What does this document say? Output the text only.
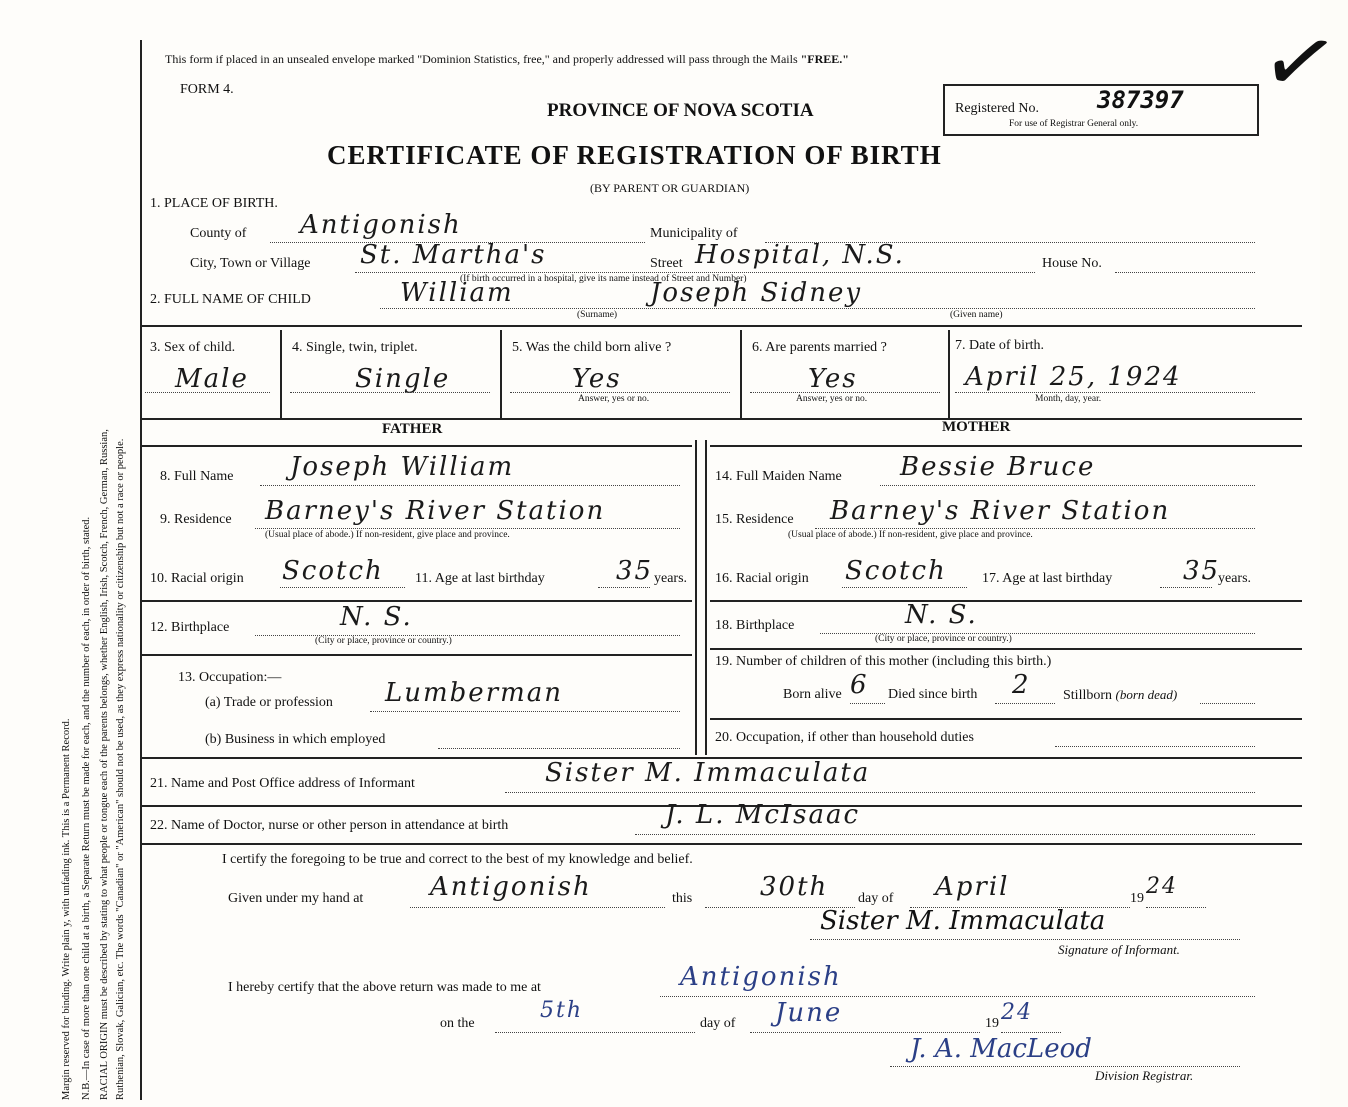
Margin reserved for binding. Write plain y, with unfading ink. This is a Permanent Record. N.B.—In case of more than one child at a birth, a Separate Return must be made for each, and the number of each, in order of birth, stated. RACIAL ORIGIN must be described by stating to what people or tongue each of the parents belongs, whether English, Irish, Scotch, French, German, Russian, Ruthenian, Slovak, Galician, etc. The words "Canadian" or "American" should not be used, as they express nationality or citizenship but not a race or people.
This form if placed in an unsealed envelope marked "Dominion Statistics, free," and properly addressed will pass through the Mails "FREE."
FORM 4.
PROVINCE OF NOVA SCOTIA
CERTIFICATE OF REGISTRATION OF BIRTH
(BY PARENT OR GUARDIAN)
Registered No. 387397
For use of Registrar General only.
✓
1. PLACE OF BIRTH.
County of Antigonish	Municipality of
City, Town or Village St. Martha's	Street Hospital, N.S.
(If birth occurred in a hospital, give its name instead of Street and Number)
House No.
2. FULL NAME OF CHILD	William	Joseph Sidney
(Surname)	(Given name)
3. Sex of child.
Male
4. Single, twin, triplet.
Single
5. Was the child born alive ?
Yes
Answer, yes or no.
6. Are parents married ?
Yes
Answer, yes or no.
7. Date of birth.
April 25, 1924
Month, day, year.
FATHER	MOTHER
8. Full Name Joseph William
9. Residence Barney's River Station
(Usual place of abode.) If non-resident, give place and province.
10. Racial origin Scotch 11. Age at last birthday	35 years.
12. Birthplace	N. S.
(City or place, province or country.)
13. Occupation:—
(a) Trade or profession Lumberman
(b) Business in which employed
14. Full Maiden Name Bessie Bruce
15. Residence Barney's River Station
(Usual place of abode.) If non-resident, give place and province.
16. Racial origin Scotch	17. Age at last birthday	35
years.
18. Birthplace	N. S.
(City or place, province or country.)
19. Number of children of this mother (including this birth.)
Born alive 6 Died since birth 2 Stillborn (born dead)
20. Occupation, if other than household duties
21. Name and Post Office address of Informant	Sister M. Immaculata
22. Name of Doctor, nurse or other person in attendance at birth	J. L. McIsaac
I certify the foregoing to be true and correct to the best of my knowledge and belief.
Given under my hand at	Antigonish	this	30th day of April	19 24
Sister M. Immaculata
Signature of Informant.
I hereby certify that the above return was made to me at	Antigonish
on the
5th
day of June	19 24
J. A. MacLeod
Division Registrar.
